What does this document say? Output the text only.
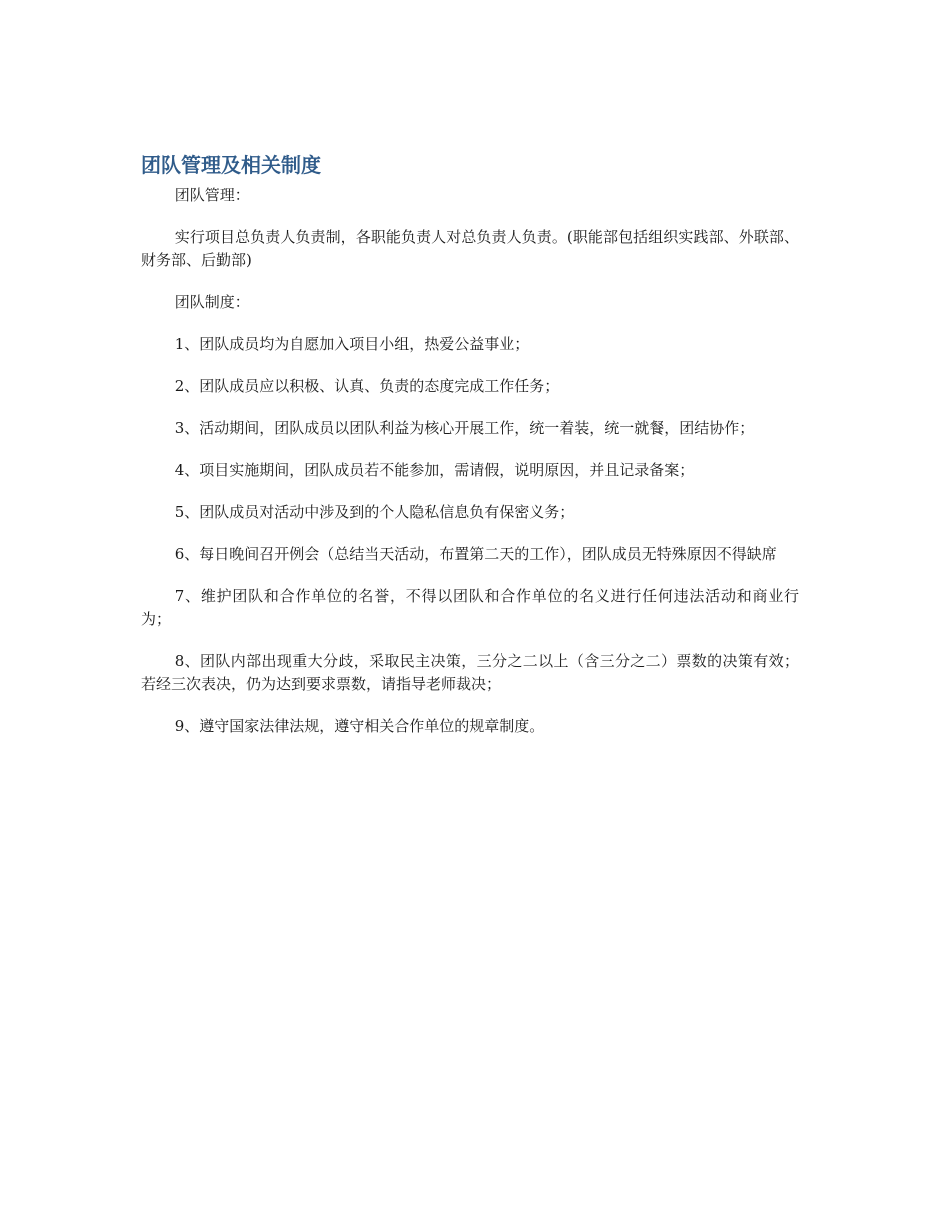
团队管理及相关制度

团队管理：

实行项目总负责人负责制，各职能负责人对总负责人负责。(职能部包括组织实践部、外联部、财务部、后勤部)

团队制度：

1、团队成员均为自愿加入项目小组，热爱公益事业；

2、团队成员应以积极、认真、负责的态度完成工作任务；

3、活动期间，团队成员以团队利益为核心开展工作，统一着装，统一就餐，团结协作；

4、项目实施期间，团队成员若不能参加，需请假，说明原因，并且记录备案；

5、团队成员对活动中涉及到的个人隐私信息负有保密义务；

6、每日晚间召开例会（总结当天活动，布置第二天的工作），团队成员无特殊原因不得缺席

7、维护团队和合作单位的名誉，不得以团队和合作单位的名义进行任何违法活动和商业行为；

8、团队内部出现重大分歧，采取民主决策，三分之二以上（含三分之二）票数的决策有效；若经三次表决，仍为达到要求票数，请指导老师裁决；

9、遵守国家法律法规，遵守相关合作单位的规章制度。
